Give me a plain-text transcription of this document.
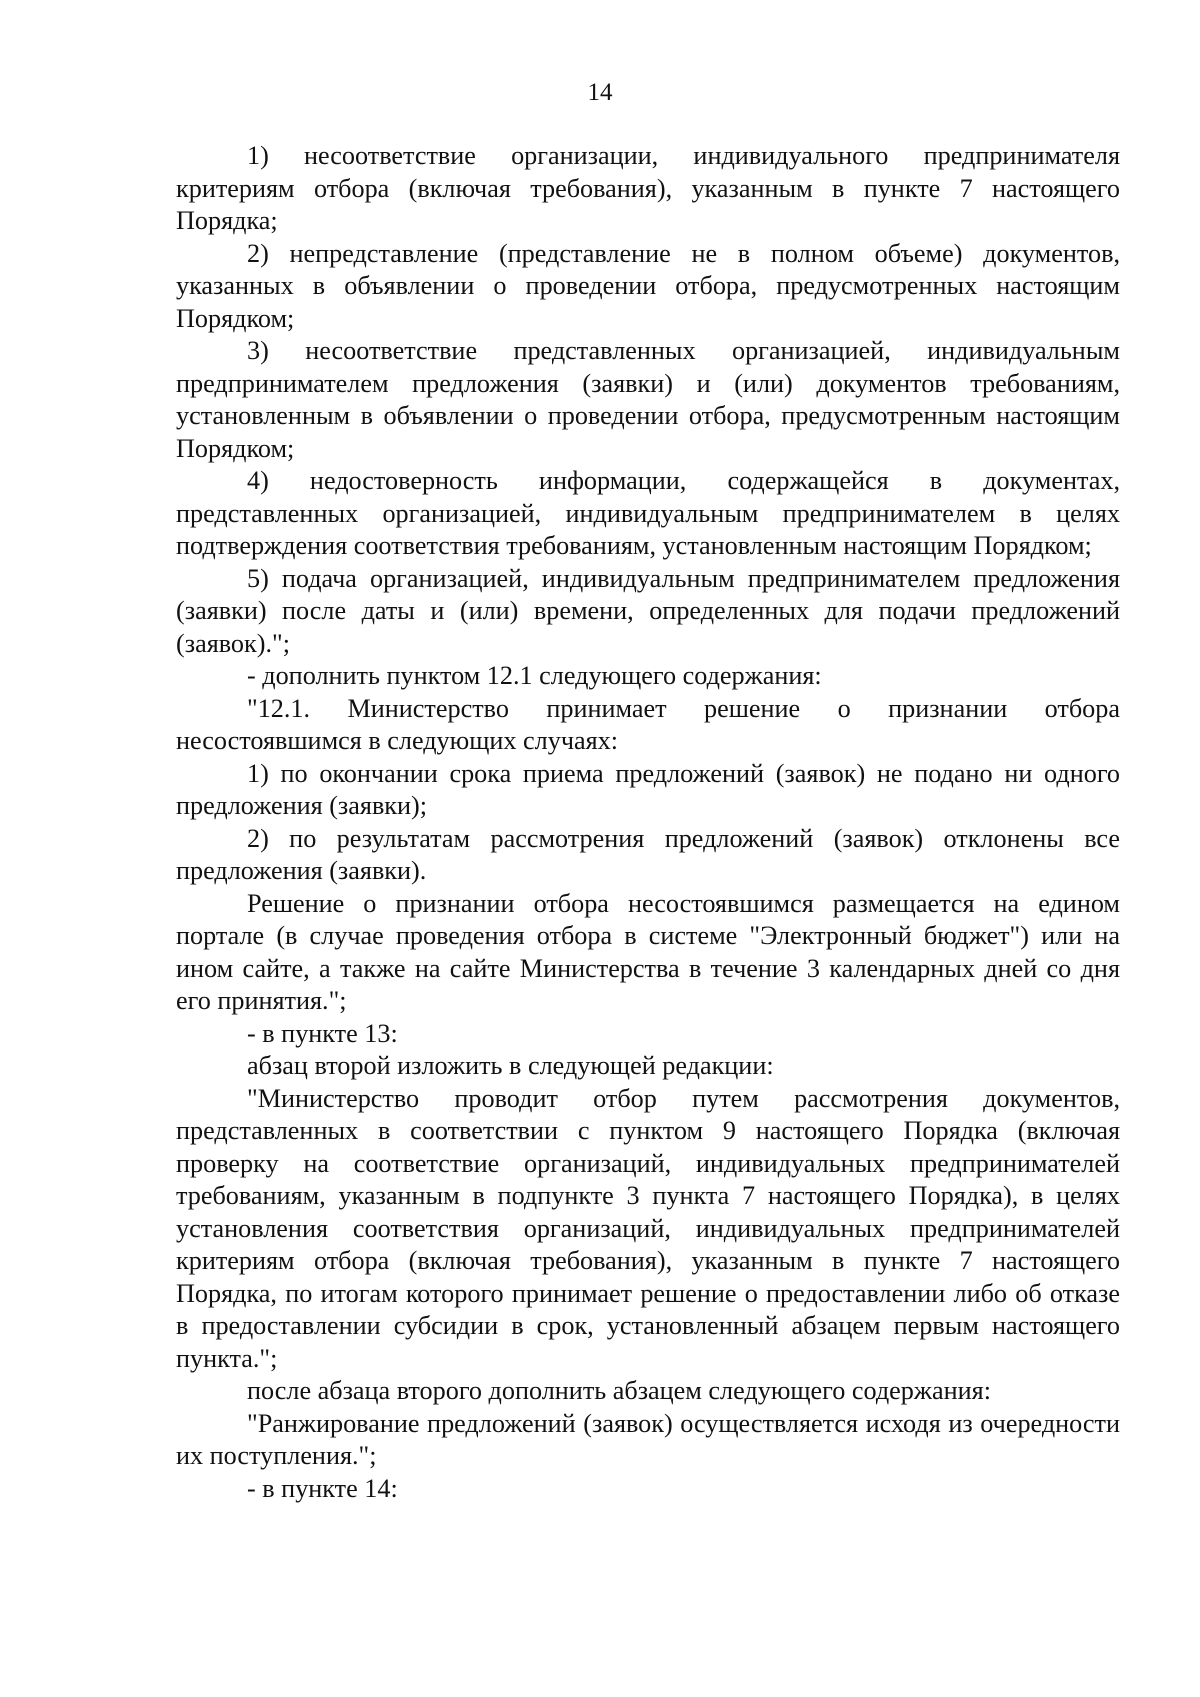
14

1) несоответствие организации, индивидуального предпринимателя критериям отбора (включая требования), указанным в пункте 7 настоящего Порядка;

2) непредставление (представление не в полном объеме) документов, указанных в объявлении о проведении отбора, предусмотренных настоящим Порядком;

3) несоответствие представленных организацией, индивидуальным предпринимателем предложения (заявки) и (или) документов требованиям, установленным в объявлении о проведении отбора, предусмотренным настоящим Порядком;

4) недостоверность информации, содержащейся в документах, представленных организацией, индивидуальным предпринимателем в целях подтверждения соответствия требованиям, установленным настоящим Порядком;

5) подача организацией, индивидуальным предпринимателем предложения (заявки) после даты и (или) времени, определенных для подачи предложений (заявок).";

- дополнить пунктом 12.1 следующего содержания:

"12.1. Министерство принимает решение о признании отбора несостоявшимся в следующих случаях:

1) по окончании срока приема предложений (заявок) не подано ни одного предложения (заявки);

2) по результатам рассмотрения предложений (заявок) отклонены все предложения (заявки).

Решение о признании отбора несостоявшимся размещается на едином портале (в случае проведения отбора в системе "Электронный бюджет") или на ином сайте, а также на сайте Министерства в течение 3 календарных дней со дня его принятия.";

- в пункте 13:

абзац второй изложить в следующей редакции:

"Министерство проводит отбор путем рассмотрения документов, представленных в соответствии с пунктом 9 настоящего Порядка (включая проверку на соответствие организаций, индивидуальных предпринимателей требованиям, указанным в подпункте 3 пункта 7 настоящего Порядка), в целях установления соответствия организаций, индивидуальных предпринимателей критериям отбора (включая требования), указанным в пункте 7 настоящего Порядка, по итогам которого принимает решение о предоставлении либо об отказе в предоставлении субсидии в срок, установленный абзацем первым настоящего пункта.";

после абзаца второго дополнить абзацем следующего содержания:

"Ранжирование предложений (заявок) осуществляется исходя из очередности их поступления.";

- в пункте 14:
